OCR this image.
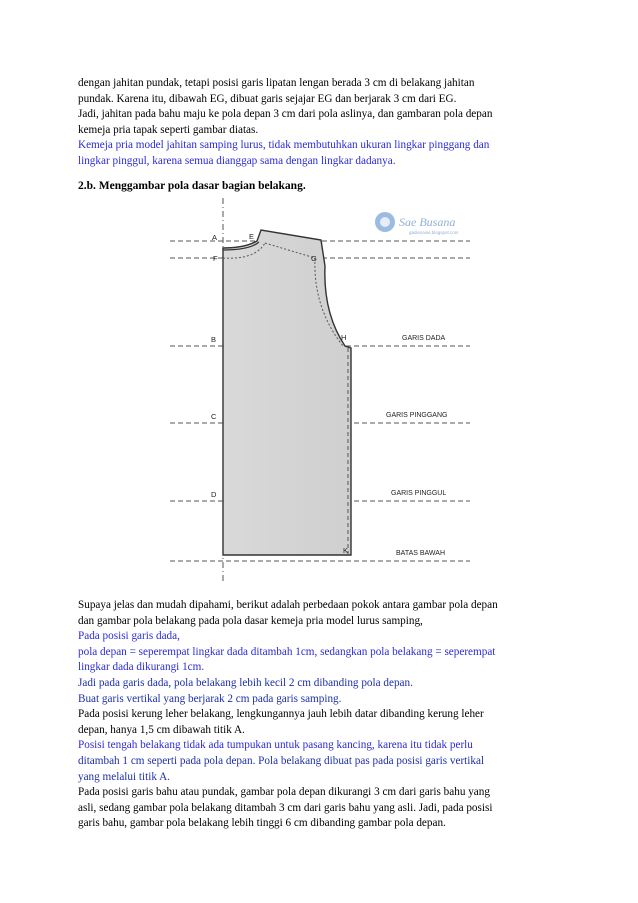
dengan jahitan pundak, tetapi posisi garis lipatan lengan berada 3 cm di belakang jahitan
pundak. Karena itu, dibawah EG, dibuat garis sejajar EG dan berjarak 3 cm dari EG.
Jadi, jahitan pada bahu maju ke pola depan 3 cm dari pola aslinya, dan gambaran pola depan
kemeja pria tapak seperti gambar diatas.
Kemeja pria model jahitan samping lurus, tidak membutuhkan ukuran lingkar pinggang dan
lingkar pinggul, karena semua dianggap sama dengan lingkar dadanya.
2.b. Menggambar pola dasar bagian belakang.
A	E
F	G
B	H
C
D
K
GARIS DADA
GARIS PINGGANG
GARIS PINGGUL
BATAS BAWAH
Sae Busana
gadisnaise.blogspot.com
Supaya jelas dan mudah dipahami, berikut adalah perbedaan pokok antara gambar pola depan
dan gambar pola belakang pada pola dasar kemeja pria model lurus samping,
Pada posisi garis dada,
pola depan = seperempat lingkar dada ditambah 1cm, sedangkan pola belakang = seperempat
lingkar dada dikurangi 1cm.
Jadi pada garis dada, pola belakang lebih kecil 2 cm dibanding pola depan.
Buat garis vertikal yang berjarak 2 cm pada garis samping.
Pada posisi kerung leher belakang, lengkungannya jauh lebih datar dibanding kerung leher
depan, hanya 1,5 cm dibawah titik A.
Posisi tengah belakang tidak ada tumpukan untuk pasang kancing, karena itu tidak perlu
ditambah 1 cm seperti pada pola depan. Pola belakang dibuat pas pada posisi garis vertikal
yang melalui titik A.
Pada posisi garis bahu atau pundak, gambar pola depan dikurangi 3 cm dari garis bahu yang
asli, sedang gambar pola belakang ditambah 3 cm dari garis bahu yang asli. Jadi, pada posisi
garis bahu, gambar pola belakang lebih tinggi 6 cm dibanding gambar pola depan.
